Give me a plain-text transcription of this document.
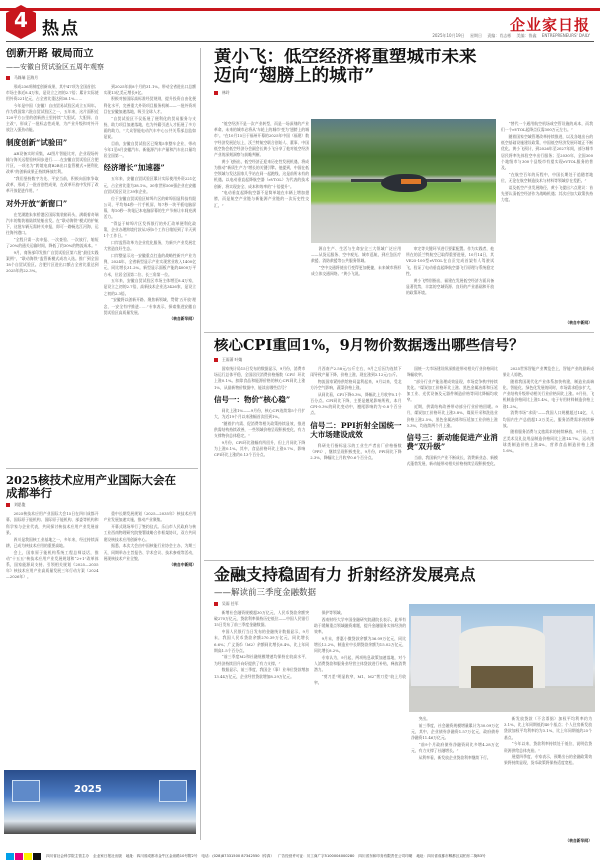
4 热点	企业家日报
2025年10月19日 星期日 责编：肖志彬 美编：鲁鑫 ENTREPRENEURS' DAILY
创新开路 破局而立
——安徽自贸试验区五周年观察
马姝瑞 汪海月

形成236项制度创新成果，其中47项为全国首创；市场主体近8.4万家，是设立之初的2.7倍；累计实际使用外资221亿元，占全省比重达到38.1%……

今年是中国（安徽）自由贸易试验区成立五周年。作为我国第六批自贸试验区之一，五年来，这片面积近120平方公里的创新热土里持续“大胆试、大胆闯、自主改”，形成了一批标志性成果，为产业升级和对外开放注入强劲动能。

制度创新“试验田”

AR设备实时采集，AI图片智能比对，企业现场传输与海关远程验核同步进行……在安徽自贸试验区合肥片区，一项名为“跨境电商B2B出口监管模式+便利化改革”的创新成果正持续释放红利。

“我们坚持数字为先、平安当前，积极向国家争取改革，形成了一批首创性成果，在改革开放中发挥了改革开放促进作用。”

对外开放“新窗口”

在芜湖港朱家桥港区国际集装箱码头，满载着奇瑞汽车的集装箱陆续装船出发。在“联动海铁”模式的护航下，这批车辆无需转关申报，即可一路畅达江河海，运往海外港口。

“全程只需一次申报、一次查验、一次放行，缩短了20%的通关运输时间，降低了约30%的物流成本。”

9月，商务部印发推广自贸试验区第六批“最佳实践案例”，“联动海铁”监管新模式成功入选。推广到全国18个自贸试验区。合肥片区进出口额占全省比重达到2025年的22.3%。

到2025年前8个月的31.1%。带动全省进出口总额实现13亿美元增长9亿。

积极对接国际高标准经贸规则，提升投资自由化便利化水平，完善重大外资项目服务机制——一批外资项目在安徽加速落地，吸引全球人才。

“自贸试验区不仅拓展了便利化的贸易服务与支持，助力项目加速落地，也为外籍引进入才拓展了多方面的助力，”大众智能电动汽车中心公共关系部总监如是说。

目前，安徽自贸试验区已聚集5家整车企业，带动今年1至8月安徽汽车、新能源汽车产量和汽车出口量均居全国第一。

经济增长“加速器”

五年来，安徽自贸试验区累计实际使用外资221亿元，占全省比重为38.1%。30家世界500强企业在安徽自贸试验区设立39家企业。

位于安徽自贸试验区蚌埠片区的蚌埠国显科技有限公司，平均每4秒一片手机屏，每7秒一块平板电脑屏幕，每10秒一块笔记本电脑屏幕的生产节奏让车间充满活力。

“得益于蚌埠片区发挥银行的外汇改革便利化政策，企业办理跨境付款从3到5个工作日缩短到了半天到1个工作日。”

口岸监管改革为企业优化服务，为新兴产业发展壮大营造良好生态。

口岸整显示这一安徽重点打造的战略性新兴产业为例，2024年，全省新型显示产业实现营业收入1400亿元，同比增长31.2%。新型显示面板产能约4000万平方米，位居全国第二位、长三角第一位。

五年来，安徽自贸试验区市场主体增至8.4万家，是设立之初的2.7倍，高新技术企业达3426家，是设立之初的2.3倍。

“安徽将以创新开路、聚焦新领域，贯彻‘五开放’理念，一安全有序推进……”专家表示，探索推进安徽自贸试验区高质量发展。

（转自新华网）
2025核技术应用产业国际大会在成都举行
刘思俊

2025核技术应用产业国际大会15日在四川成都开幕，国际原子能机构、国际原子能机构、部委等机构和科学家与企业代表，共同探讨核技术应用产业发展前景。

四川是我国核工业基地之一，多年来，经过持续深耕，已成为核技术应用的重要高地。

会上，国家原子能机构系统工程总师谈话，推动“十五五”核技术应用产业发展规划和“2+1”改革体系，国家能源局支持、引领相关规划《2025—2035年》核技术应用产业高质量发展三年行动方案（2024—2026年）。

重中长期发展规划（2025—2035年）核技术应用产业发展加速实施，推动产业聚集。

开幕式现场举行了签约仪式。乐山市人民政府与核工业西南物理研究院签署战略合作框架协议，双方共同建设核技术应用创新中心。

据悉，本次大会由中国核能行业协会主办，为期三天，同期举办主旨报告、学术会议、技术参观等活动，展现核技术产业全貌。

（转自中新网）
2025
黄小飞：低空经济将重塑城市未来
迈向“翅膀上的城市”
林玲

“低空经济不是一次产业转型，而是一场深刻的产业革命。未来的城市必将从‘车轮上的城市’变为‘翅膀上的城市’。”在10月15日于福州开幕的2025年中国（福建）数字经济发展论坛上，沃兰特航空联合创始人、董事、中国低空协会低空经济分会副会长黄小飞分享了他对低空经济产业的深刻洞察与前瞻判断。

黄小飞指出，低空经济正迎来历史性发展机遇，将成为推动“新质生产力”增长的关键引擎。他提到，中国在低空领域与发达国家几乎站在同一起跑线，这是前所未有的机遇。以电动垂直起降航空器（eVTOL）为代表的技术创新，将实现安全、成本和效率的“十倍提升”。

“电动垂直起降航空器不是简单地在车辆上增加翅膀，而是航空产业链与新能源产业链的一次历史性交汇。”

源自生产、生活与生命安全三大领域广泛应用——从货运服务、空中观光、城市巡航，到应急医疗救援、消防救援等公共服务领域。

“空中交通将使出行变得更加便捷，未来城市将形成立体交通网络。”黄小飞说。

审定等关键环节进行要素配置。作为实践者，他所在的沃兰特航空已取得重要进展，10月14日，其VE25-100型eVTOL在自贡完成首架有人驾驶试飞，验证了电动垂直起降航空器飞行原理与系统稳定性。

黄小飞特别指出，福建在发展低空经济方面具备显著优势，丰富的空域资源、良好的产业基础和开放的政策环境。

“替代一个通用航空机场或空管设施的成本，而我们一个eVTOL起降点仅需300万元左右。”

随着国家空域管理改革持续推进，以及各地出台的低空基础设施建设政策，中国低空经济发展环境正不断优化。黄小飞预计，到2026年至2027年间，部分城市居民将率先体验空中出行服务；至2030年，全国300个地级市与300个县级市有望实现eVTOL服务的普及。

“在航空百年的历程中，中国长期处于追随者地位，无论在航空制造技术与材料等领域存在差距。”

谈及低空产业发展路径，黄小飞提出六点建议：首先要认清低空经济作为战略机遇；其次应加大政策扶持力度。

（转自中新网）
核心CPI重回1%，9月物价数据透出哪些信号？
王雨萧 叶婧

国家统计局15日发布的数据显示，9月份，消费市场运行总体平稳，全国居民消费价格指数（CPI）环比上涨0.1%。扣除食品和能源价格的核心CPI同比上涨1%，从最新物价数据中，能读出哪些信号？

信号一：物价“核心稳”

同比上涨1%——9月份，核心CPI连续第5个月扩大，为近19个月以来涨幅首次回到1%。

“随着扩内需、促消费等相关政策持续显效，推进供需结构持续改善，一些领域价格呈现积极变化，有力支撑物价总体稳定。”

9月份，CPI环比涨幅有所回升，但上月同比下降为上涨0.1%。其中，食品价格环比上涨0.7%，影响CPI环比上涨约0.13个百分点。

月西南产2.58元/公斤左右，9月之后因为连续下雨导致产量下降，价格上涨，现在涨到3.12元/公斤。

物流国家紧持供给格局盈利起来，9月以来，受北方冷空气影响，蔬菜价格上涨。

从同比看，CPI下降0.3%，降幅比上月收窄0.1个百分点。CPI同比下降，主要是翘尾影响所致，本月CPI-0.3%的同比变动中，翘尾影响约为-0.8个百分点。

信号二：PPI折射全国统一大市场建设成效

科研先行指标显示的工业生产者出厂价格指数（PPI），继续呈现积极变化，9月份，PPI同比下降2.3%，降幅比上月收窄0.6个百分点。

国统一大市场建设纵深推进带动相关行业价格同比降幅收窄。

“部分行业产能治理成效显现，市场竞争秩序持续优化。”煤炭加工价格环比上涨、黑色金属冶炼和压延加工业、光伏设备及元器件制造价格等同比降幅均收窄。

近期，供需结构改善带动部分行业价格回暖。9月，煤炭加工价格环比上涨3.8%，煤炭开采和洗选业价格上涨2.5%，黑色金属冶炼和压延加工业价格上涨0.3%，均连续两个月上涨。

信号三：新动能促进产业消费“双升级”

当前，我国新兴产业不断成长，消费新业态、新模式蓬勃发展，新动能带动相关价格持续呈现积极变化。

2025世界智能产业博览会上，智能产业的最新成果让人惊艳。

随着我国现代化产业体系加快构建，制造业高端化、智能化、绿色化发展的同时，市场需求稳步扩大，产业结构升级带动相关行业价格同比上涨。9月份，飞机制造价格同比上涨1.4%，电子专用材料制造价格上涨1.2%。

消费市场“求质”——我国人口规模超过14亿，人均国内生产总值超1.3万美元，服务消费需求持续释放。

随着服务消费与文旅需求的持续释放，9月份，工艺美术及礼仪用品制造价格同比上涨14.7%，运动用球类制造价格上涨4%，营养食品制造价格上涨1.6%。

金融支持稳固有力 折射经济发展亮点
——解读前三季度金融数据
吴雨 任军

新增社会融资规模超30万亿元，人民币贷款余额突破270万亿元，贷款利率保持历史低位——中国人民银行15日发布了前三季度金融数据。

中国人民银行当日发布的金融统计数据显示，9月末，我国人民币贷款余额270.39万亿元，同比增长6.6%；广义货币（M2）余额同比增长8.4%，比上年同期高1.5个百分点。

“前三季度M2和社融规模增速均保持在较高水平，为经济持续回升向好提供了有力支撑。”

数据显示，前三季度，我国企（事）业单位贷款增加13.44万亿元，企业经营贷款增加8.29万亿元。

保护等领域。

西南财经大学中国金融研究院副院长表示，此举有助于缓解重点领域融资难题，提升金融服务实体经济的效率。

9月末，普惠小微贷款余额为36.09万亿元，同比增长12.2%，制造业中长期贷款余额为15.02万亿元，同比增长8.2%。

专家认为，9月起，两项贴息政策加速落地，对个人消费贷款和服务业经营主体贷款进行补贴，释放消费潜力。

“剪刀差”明显收窄，M1、M2“剪刀差”较上月收窄。

突出。

前三季度，社会融资规模增量累计为30.09万亿元，其中，企业债券净融资1.57万亿元，政府债券净融资11.46万亿元。

“前9个月政府债券净融资同比多增4.28万亿元，有力支撑了社融增长。”

从利率看，新发放企业贷款利率继续下行。

新发放贷款（不含票据）加权平均利率约为3.1%，比上年同期低约40个基点；个人住房新发放贷款加权平均利率约为3.1%，比上年同期低约25个基点。

“今年以来，贷款利率持续处于低位，说明信贷资源供给总体充裕。”

展望四季度，专家表示，预期出台的金融政策效果将持续显现，货币政策将保持适度宽松。

（转自新华网）
四川省社会科学院主管主办 企业家日报社出版 地址：四川省成都市金牛区金泉路10号附2号 电话：(028)87331500 87342550（传真） 广告经营许可证：川工商广字5100004000280 四川省东和印务有限责任公司印刷 地址：四川省成都市郫都区双柏东二街83号
